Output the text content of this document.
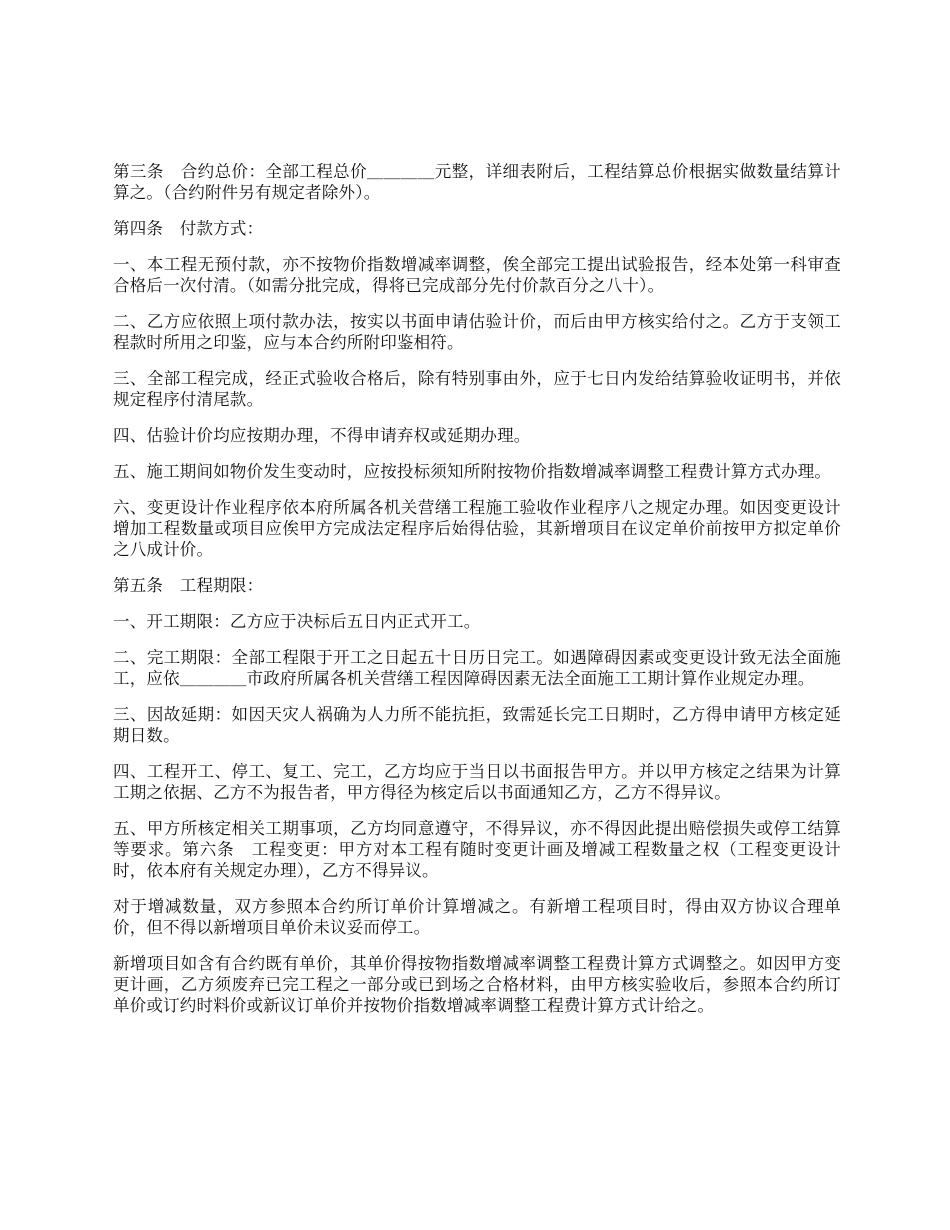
第三条　合约总价：全部工程总价＿＿＿＿元整，详细表附后，工程结算总价根据实做数量结算计算之。（合约附件另有规定者除外）。

第四条　付款方式：

一、本工程无预付款，亦不按物价指数增减率调整，俟全部完工提出试验报告，经本处第一科审查合格后一次付清。（如需分批完成，得将已完成部分先付价款百分之八十）。

二、乙方应依照上项付款办法，按实以书面申请估验计价，而后由甲方核实给付之。乙方于支领工程款时所用之印鉴，应与本合约所附印鉴相符。

三、全部工程完成，经正式验收合格后，除有特别事由外，应于七日内发给结算验收证明书，并依规定程序付清尾款。

四、估验计价均应按期办理，不得申请弃权或延期办理。

五、施工期间如物价发生变动时，应按投标须知所附按物价指数增减率调整工程费计算方式办理。

六、变更设计作业程序依本府所属各机关营缮工程施工验收作业程序八之规定办理。如因变更设计增加工程数量或项目应俟甲方完成法定程序后始得估验，其新增项目在议定单价前按甲方拟定单价之八成计价。

第五条　工程期限：

一、开工期限：乙方应于决标后五日内正式开工。

二、完工期限：全部工程限于开工之日起五十日历日完工。如遇障碍因素或变更设计致无法全面施工，应依＿＿＿＿市政府所属各机关营缮工程因障碍因素无法全面施工工期计算作业规定办理。

三、因故延期：如因天灾人祸确为人力所不能抗拒，致需延长完工日期时，乙方得申请甲方核定延期日数。

四、工程开工、停工、复工、完工，乙方均应于当日以书面报告甲方。并以甲方核定之结果为计算工期之依据、乙方不为报告者，甲方得径为核定后以书面通知乙方，乙方不得异议。

五、甲方所核定相关工期事项，乙方均同意遵守，不得异议，亦不得因此提出赔偿损失或停工结算等要求。第六条　工程变更：甲方对本工程有随时变更计画及增减工程数量之权（工程变更设计时，依本府有关规定办理），乙方不得异议。

对于增减数量，双方参照本合约所订单价计算增减之。有新增工程项目时，得由双方协议合理单价，但不得以新增项目单价未议妥而停工。

新增项目如含有合约既有单价，其单价得按物指数增减率调整工程费计算方式调整之。如因甲方变更计画，乙方须废弃已完工程之一部分或已到场之合格材料，由甲方核实验收后，参照本合约所订单价或订约时料价或新议订单价并按物价指数增减率调整工程费计算方式计给之。
